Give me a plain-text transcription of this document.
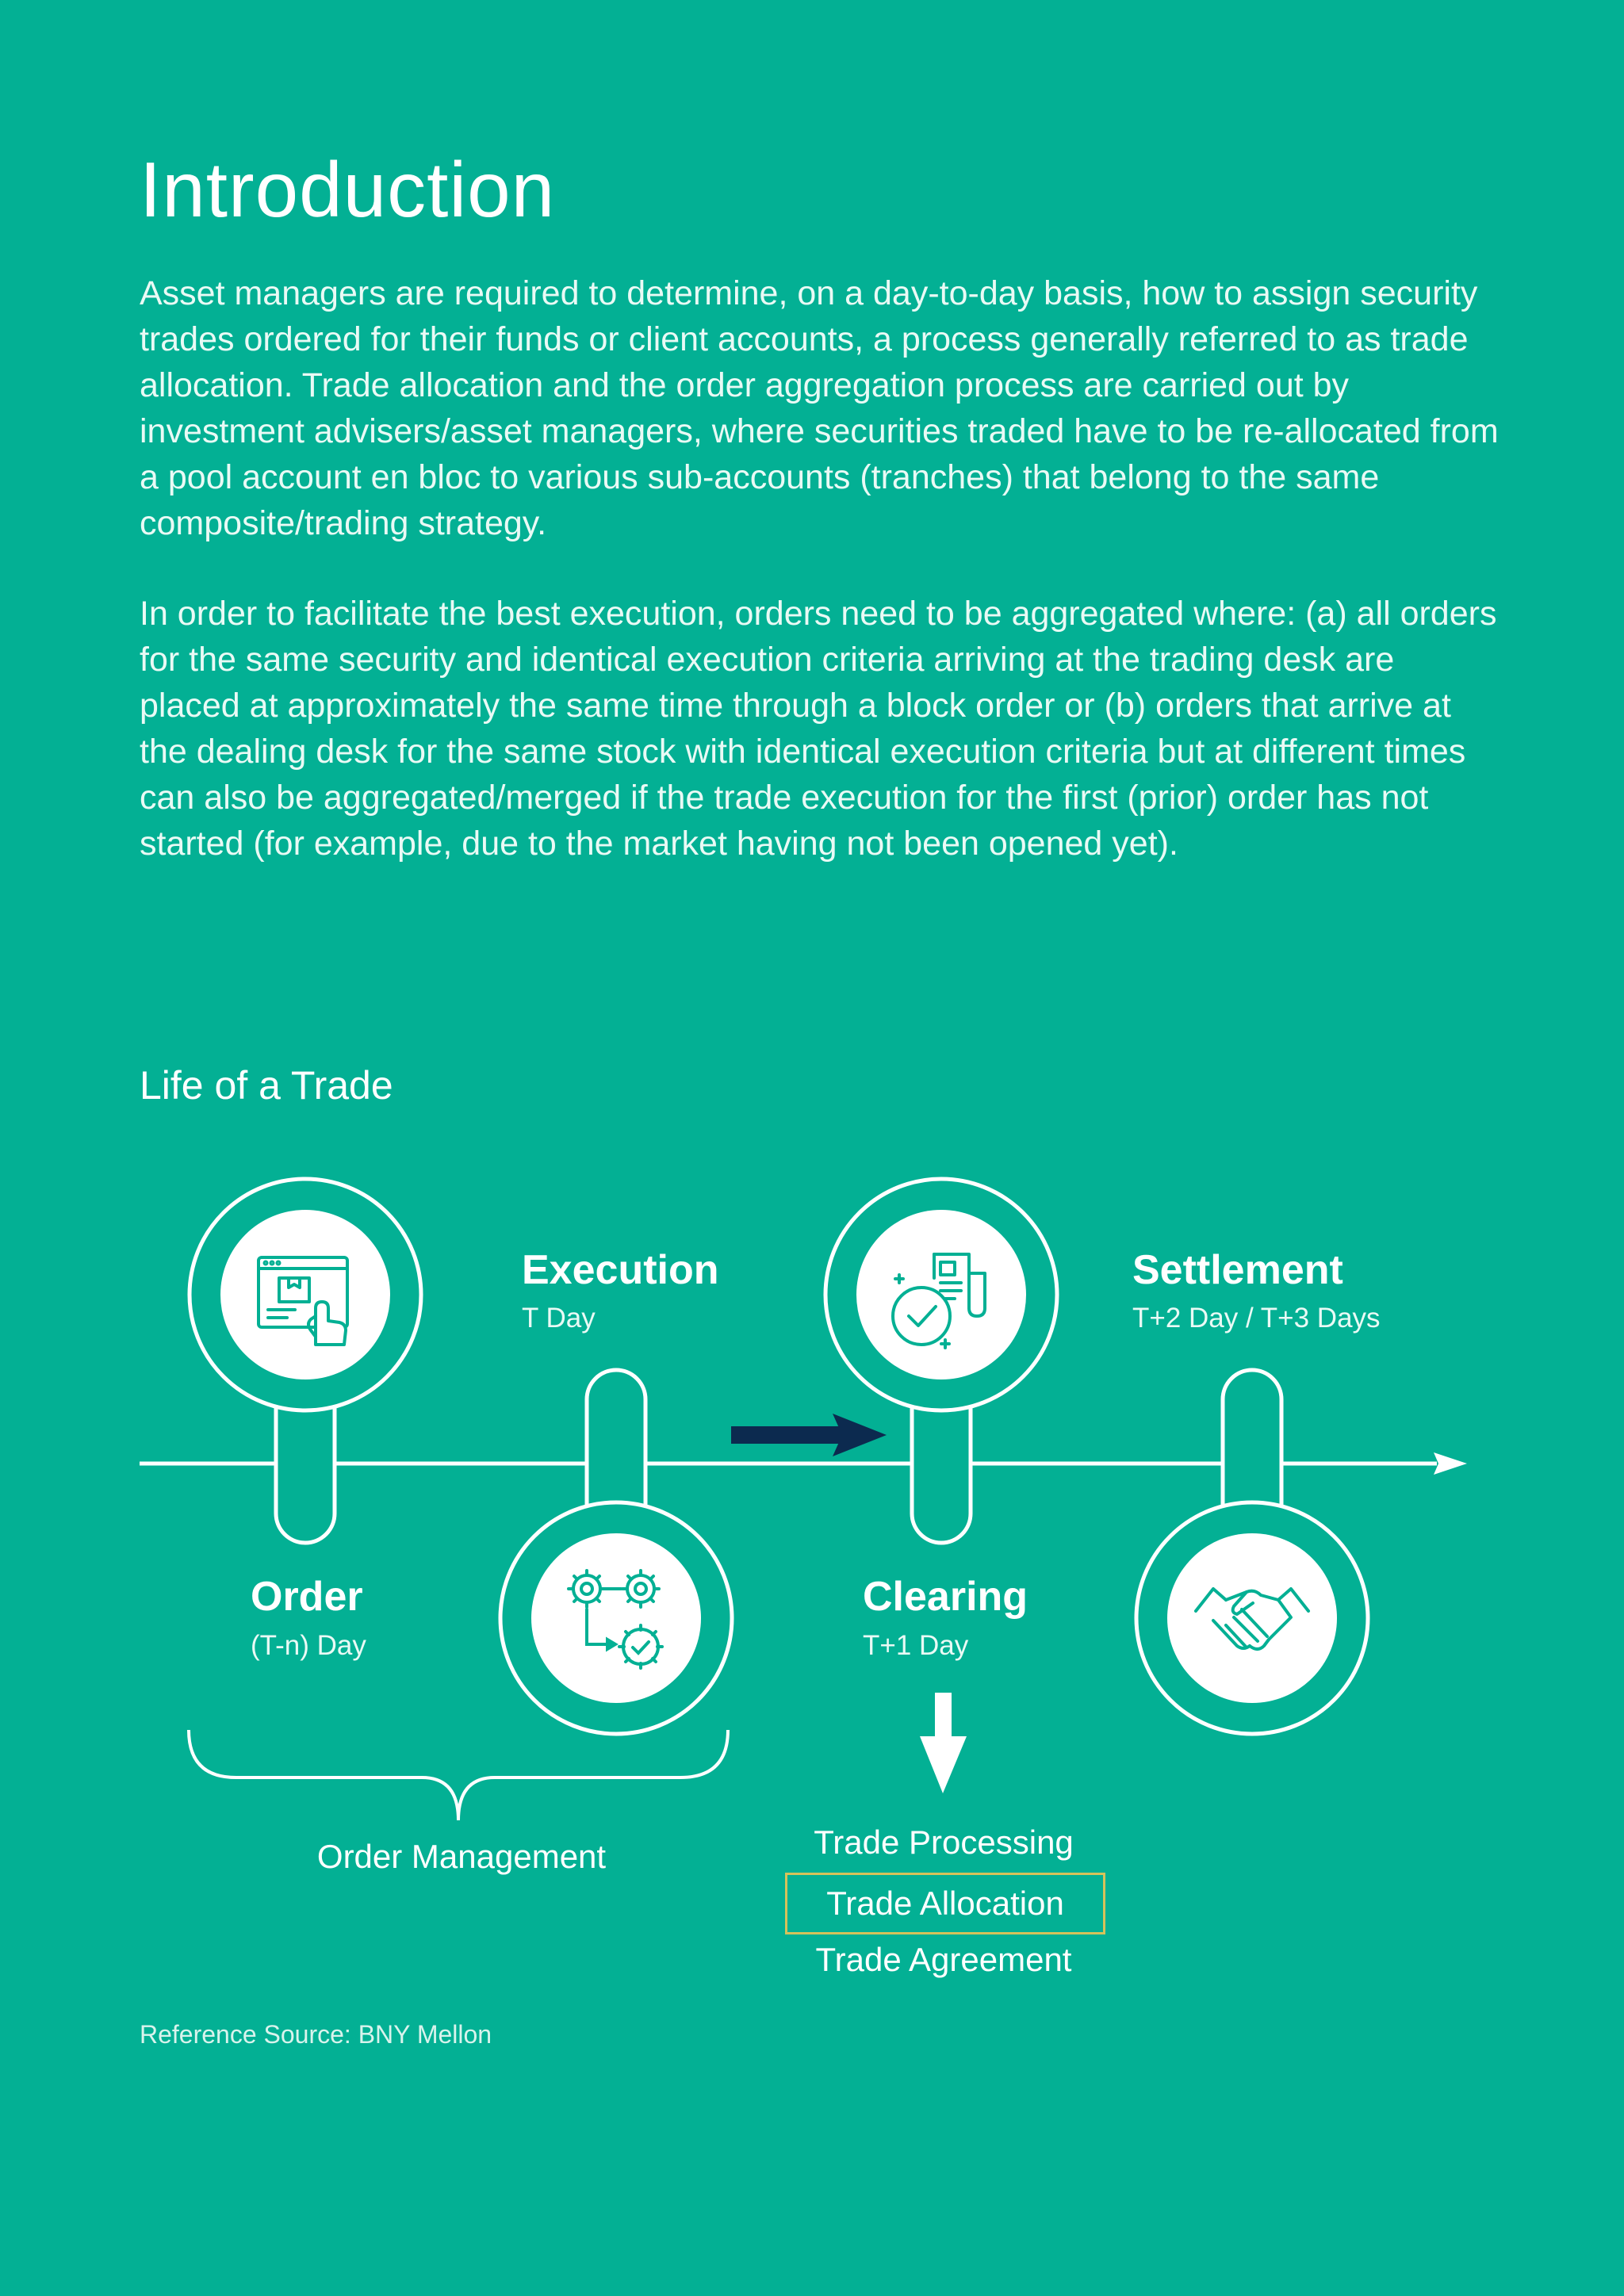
Introduction

Asset managers are required to determine, on a day-to-day basis, how to assign security trades ordered for their funds or client accounts, a process generally referred to as trade allocation. Trade allocation and the order aggregation process are carried out by investment advisers/asset managers, where securities traded have to be re-allocated from a pool account en bloc to various sub-accounts (tranches) that belong to the same composite/trading strategy.

In order to facilitate the best execution, orders need to be aggregated where: (a) all orders for the same security and identical execution criteria arriving at the trading desk are placed at approximately the same time through a block order or (b) orders that arrive at the dealing desk for the same stock with identical execution criteria but at different times can also be aggregated/merged if the trade execution for the first (prior) order has not started (for example, due to the market having not been opened yet).

Life of a Trade
Order
(T-n) Day
Execution
T Day
Clearing
T+1 Day
Settlement
T+2 Day / T+3 Days
Order Management	Trade Processing
Trade Allocation
Trade Agreement
Reference Source: BNY Mellon
